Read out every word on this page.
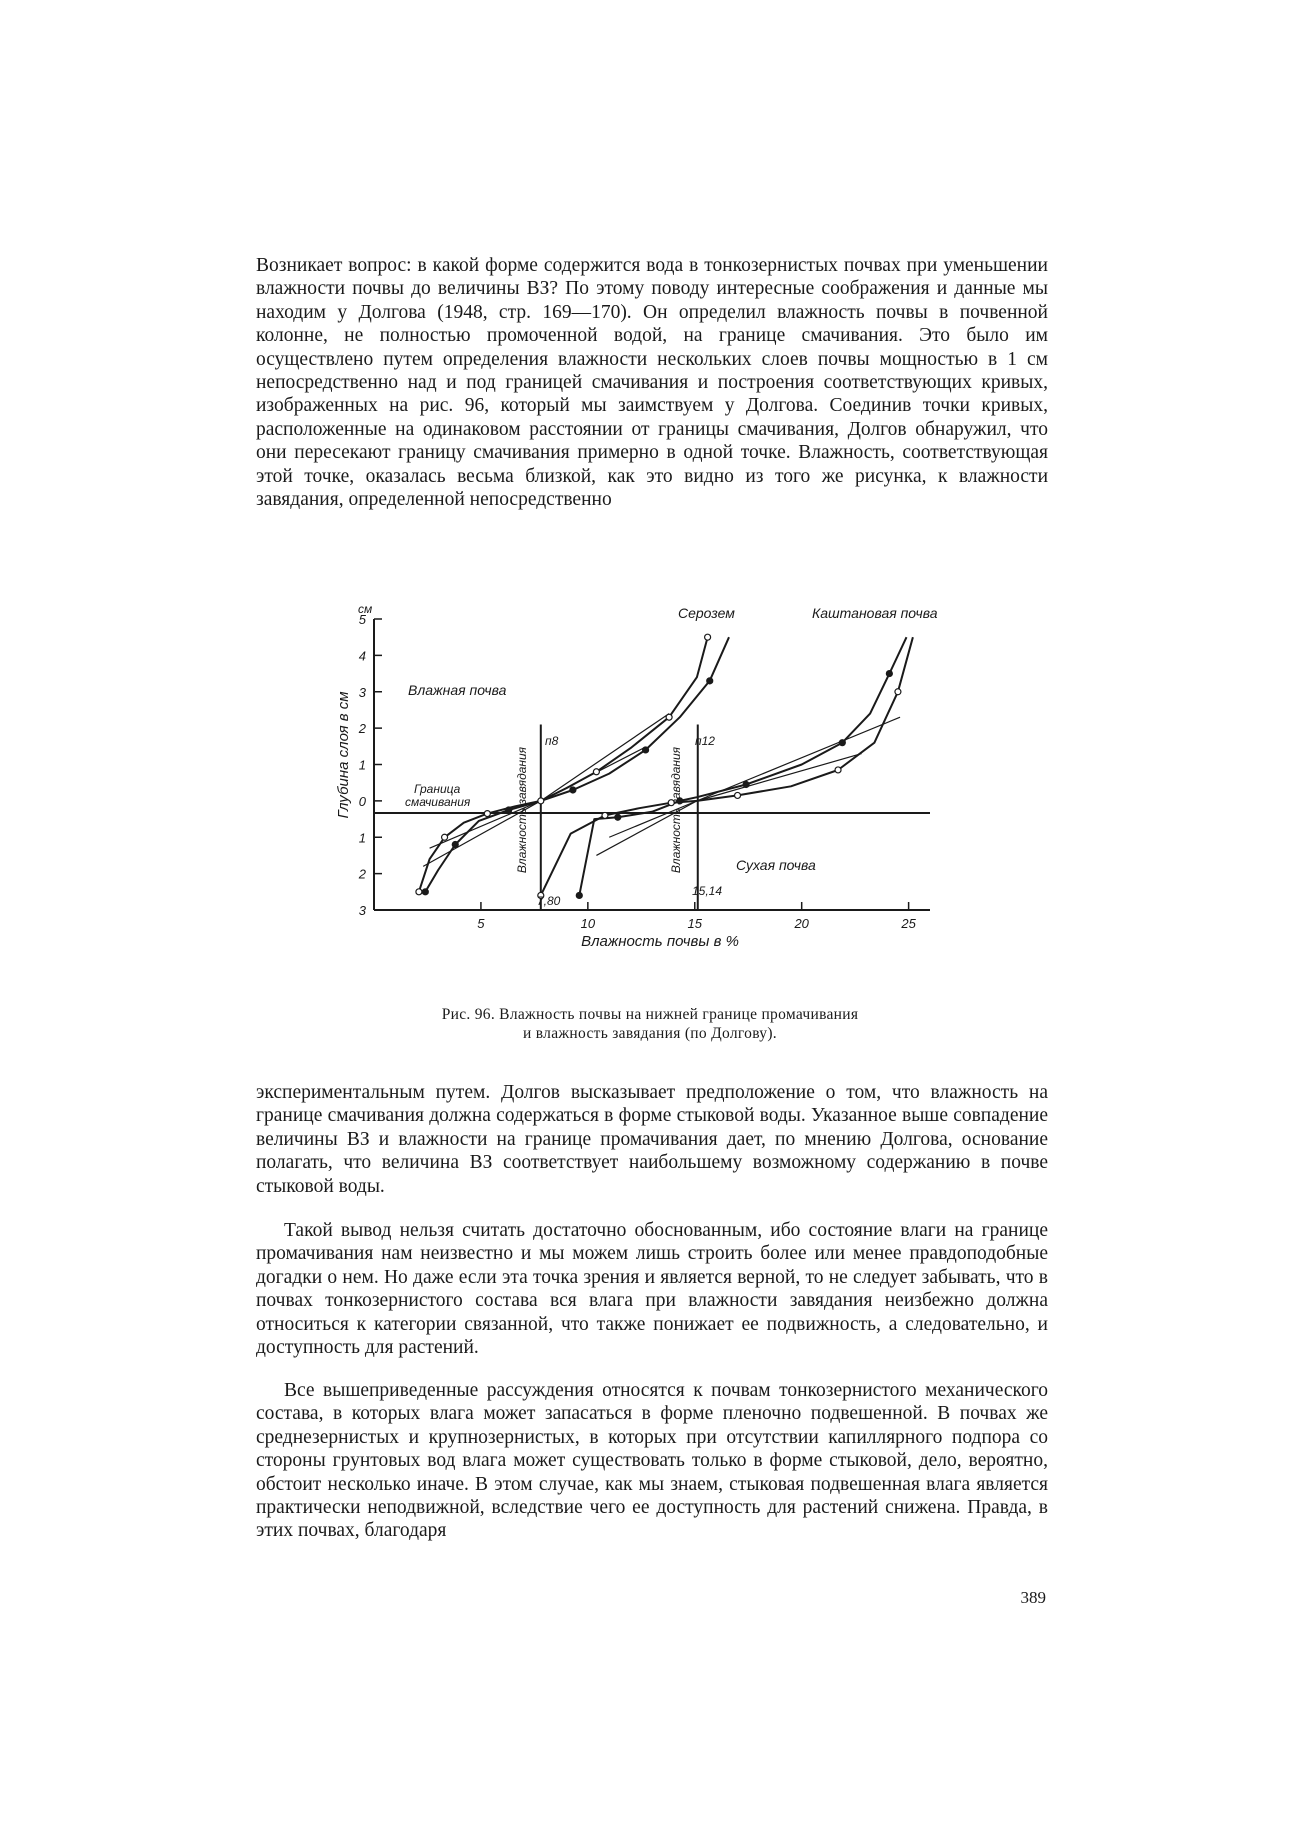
Возникает вопрос: в какой форме содержится вода в тонкозернистых почвах при уменьшении влажности почвы до величины ВЗ? По этому поводу интересные соображения и данные мы находим у Долгова (1948, стр. 169—170). Он определил влажность почвы в почвенной колонне, не полностью промоченной водой, на границе смачивания. Это было им осуществлено путем определения влажности нескольких слоев почвы мощностью в 1 см непосредственно над и под границей смачивания и построения соответствующих кривых, изображенных на рис. 96, который мы заимствуем у Долгова. Соединив точки кривых, расположенные на одинаковом расстоянии от границы смачивания, Долгов обнаружил, что они пересекают границу смачивания примерно в одной точке. Влажность, соответствующая этой точке, оказалась весьма близкой, как это видно из того же рисунка, к влажности завядания, определенной непосредственно

5	10	15	20	25
5
4
3
2
1
0
1
2
3
см
Глубина слоя в см
Влажность почвы в %
Влажная почва
Сухая почва
Граница
смачивания
Серозем	Каштановая почва
п8	п12
Влажность завядания	Влажность завядания
7,80
15,14
Рис. 96. Влажность почвы на нижней границе промачивания
и влажность завядания (по Долгову).

экспериментальным путем. Долгов высказывает предположение о том, что влажность на границе смачивания должна содержаться в форме стыковой воды. Указанное выше совпадение величины ВЗ и влажности на границе промачивания дает, по мнению Долгова, основание полагать, что величина ВЗ соответствует наибольшему возможному содержанию в почве стыковой воды.

Такой вывод нельзя считать достаточно обоснованным, ибо состояние влаги на границе промачивания нам неизвестно и мы можем лишь строить более или менее правдоподобные догадки о нем. Но даже если эта точка зрения и является верной, то не следует забывать, что в почвах тонкозернистого состава вся влага при влажности завядания неизбежно должна относиться к категории связанной, что также понижает ее подвижность, а следовательно, и доступность для растений.

Все вышеприведенные рассуждения относятся к почвам тонкозернистого механического состава, в которых влага может запасаться в форме пленочно подвешенной. В почвах же среднезернистых и крупнозернистых, в которых при отсутствии капиллярного подпора со стороны грунтовых вод влага может существовать только в форме стыковой, дело, вероятно, обстоит несколько иначе. В этом случае, как мы знаем, стыковая подвешенная влага является практически неподвижной, вследствие чего ее доступность для растений снижена. Правда, в этих почвах, благодаря

389
